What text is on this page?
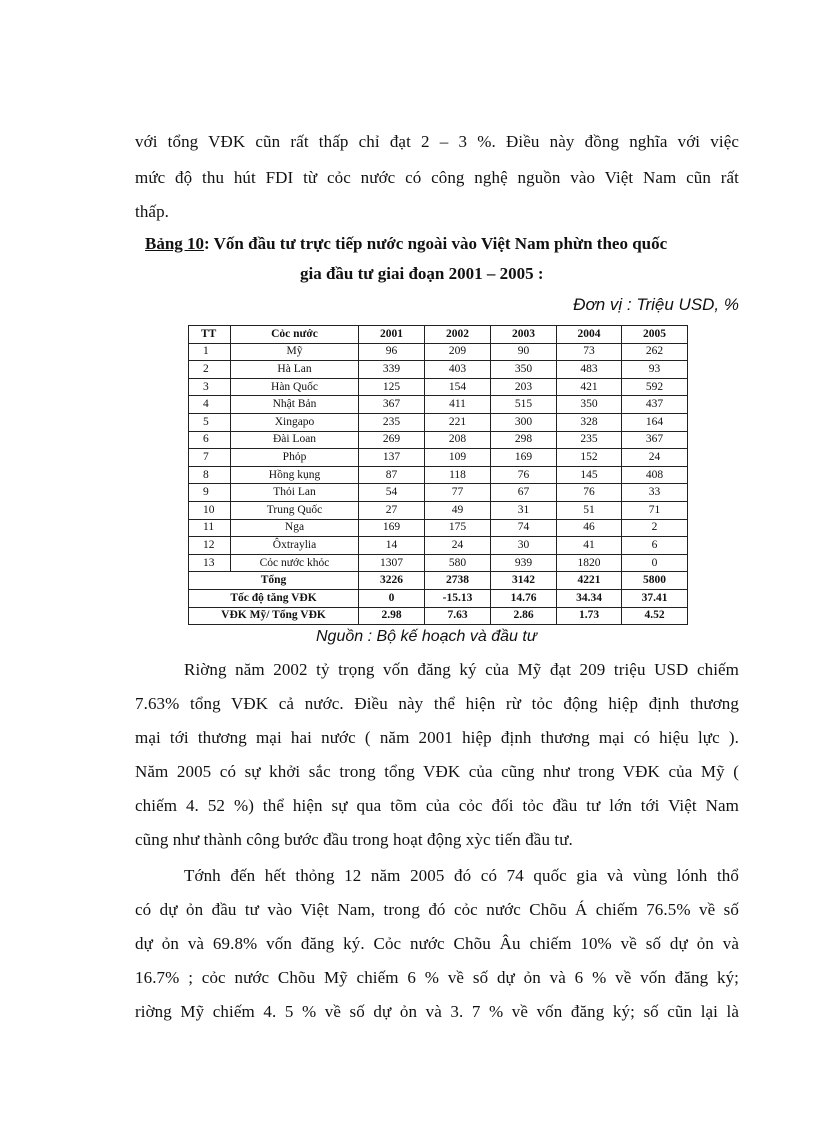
với tổng VĐK cũn rất thấp chỉ đạt 2 – 3 %. Điều này đồng nghĩa với việc
mức độ thu hút FDI từ cỏc nước có công nghệ nguồn vào Việt Nam cũn rất
thấp.
Bảng 10: Vốn đầu tư trực tiếp nước ngoài vào Việt Nam phừn theo quốc
gia đầu tư giai đoạn 2001 – 2005 :
Đơn vị : Triệu USD, %
TT	Cỏc nước	2001	2002	2003	2004	2005
1	Mỹ	96	209	90	73	262
2	Hà Lan	339	403	350	483	93
3	Hàn Quốc	125	154	203	421	592
4	Nhật Bản	367	411	515	350	437
5	Xingapo	235	221	300	328	164
6	Đài Loan	269	208	298	235	367
7	Phỏp	137	109	169	152	24
8	Hồng kụng	87	118	76	145	408
9	Thỏi Lan	54	77	67	76	33
10	Trung Quốc	27	49	31	51	71
11	Nga	169	175	74	46	2
12	Ôxtraylia	14	24	30	41	6
13	Cỏc nước khỏc	1307	580	939	1820	0
Tổng		3226	2738	3142	4221	5800
Tốc độ tăng VĐK		0	-15.13	14.76	34.34	37.41
VĐK Mỹ/ Tổng VĐK		2.98	7.63	2.86	1.73	4.52
Nguồn : Bộ kế hoạch và đầu tư
Riờng năm 2002 tỷ trọng vốn đăng ký của Mỹ đạt 209 triệu USD chiếm
7.63% tổng VĐK cả nước. Điều này thể hiện rừ tỏc động hiệp định thương
mại tới thương mại hai nước ( năm 2001 hiệp định thương mại có hiệu lực ).
Năm 2005 có sự khởi sắc trong tổng VĐK của cũng như trong VĐK của Mỹ (
chiếm 4. 52 %) thể hiện sự qua tõm của cỏc đối tỏc đầu tư lớn tới Việt Nam
cũng như thành công bước đầu trong hoạt động xỳc tiến đầu tư.
Tớnh đến hết thỏng 12 năm 2005 đó có 74 quốc gia và vùng lónh thổ
có dự ỏn đầu tư vào Việt Nam, trong đó cỏc nước Chõu Á chiếm 76.5% về số
dự ỏn và 69.8% vốn đăng ký. Cỏc nước Chõu Âu chiếm 10% về số dự ỏn và
16.7% ; cỏc nước Chõu Mỹ chiếm 6 % về số dự ỏn và 6 % về vốn đăng ký;
riờng Mỹ chiếm 4. 5 % về số dự ỏn và 3. 7 % về vốn đăng ký; số cũn lại là
